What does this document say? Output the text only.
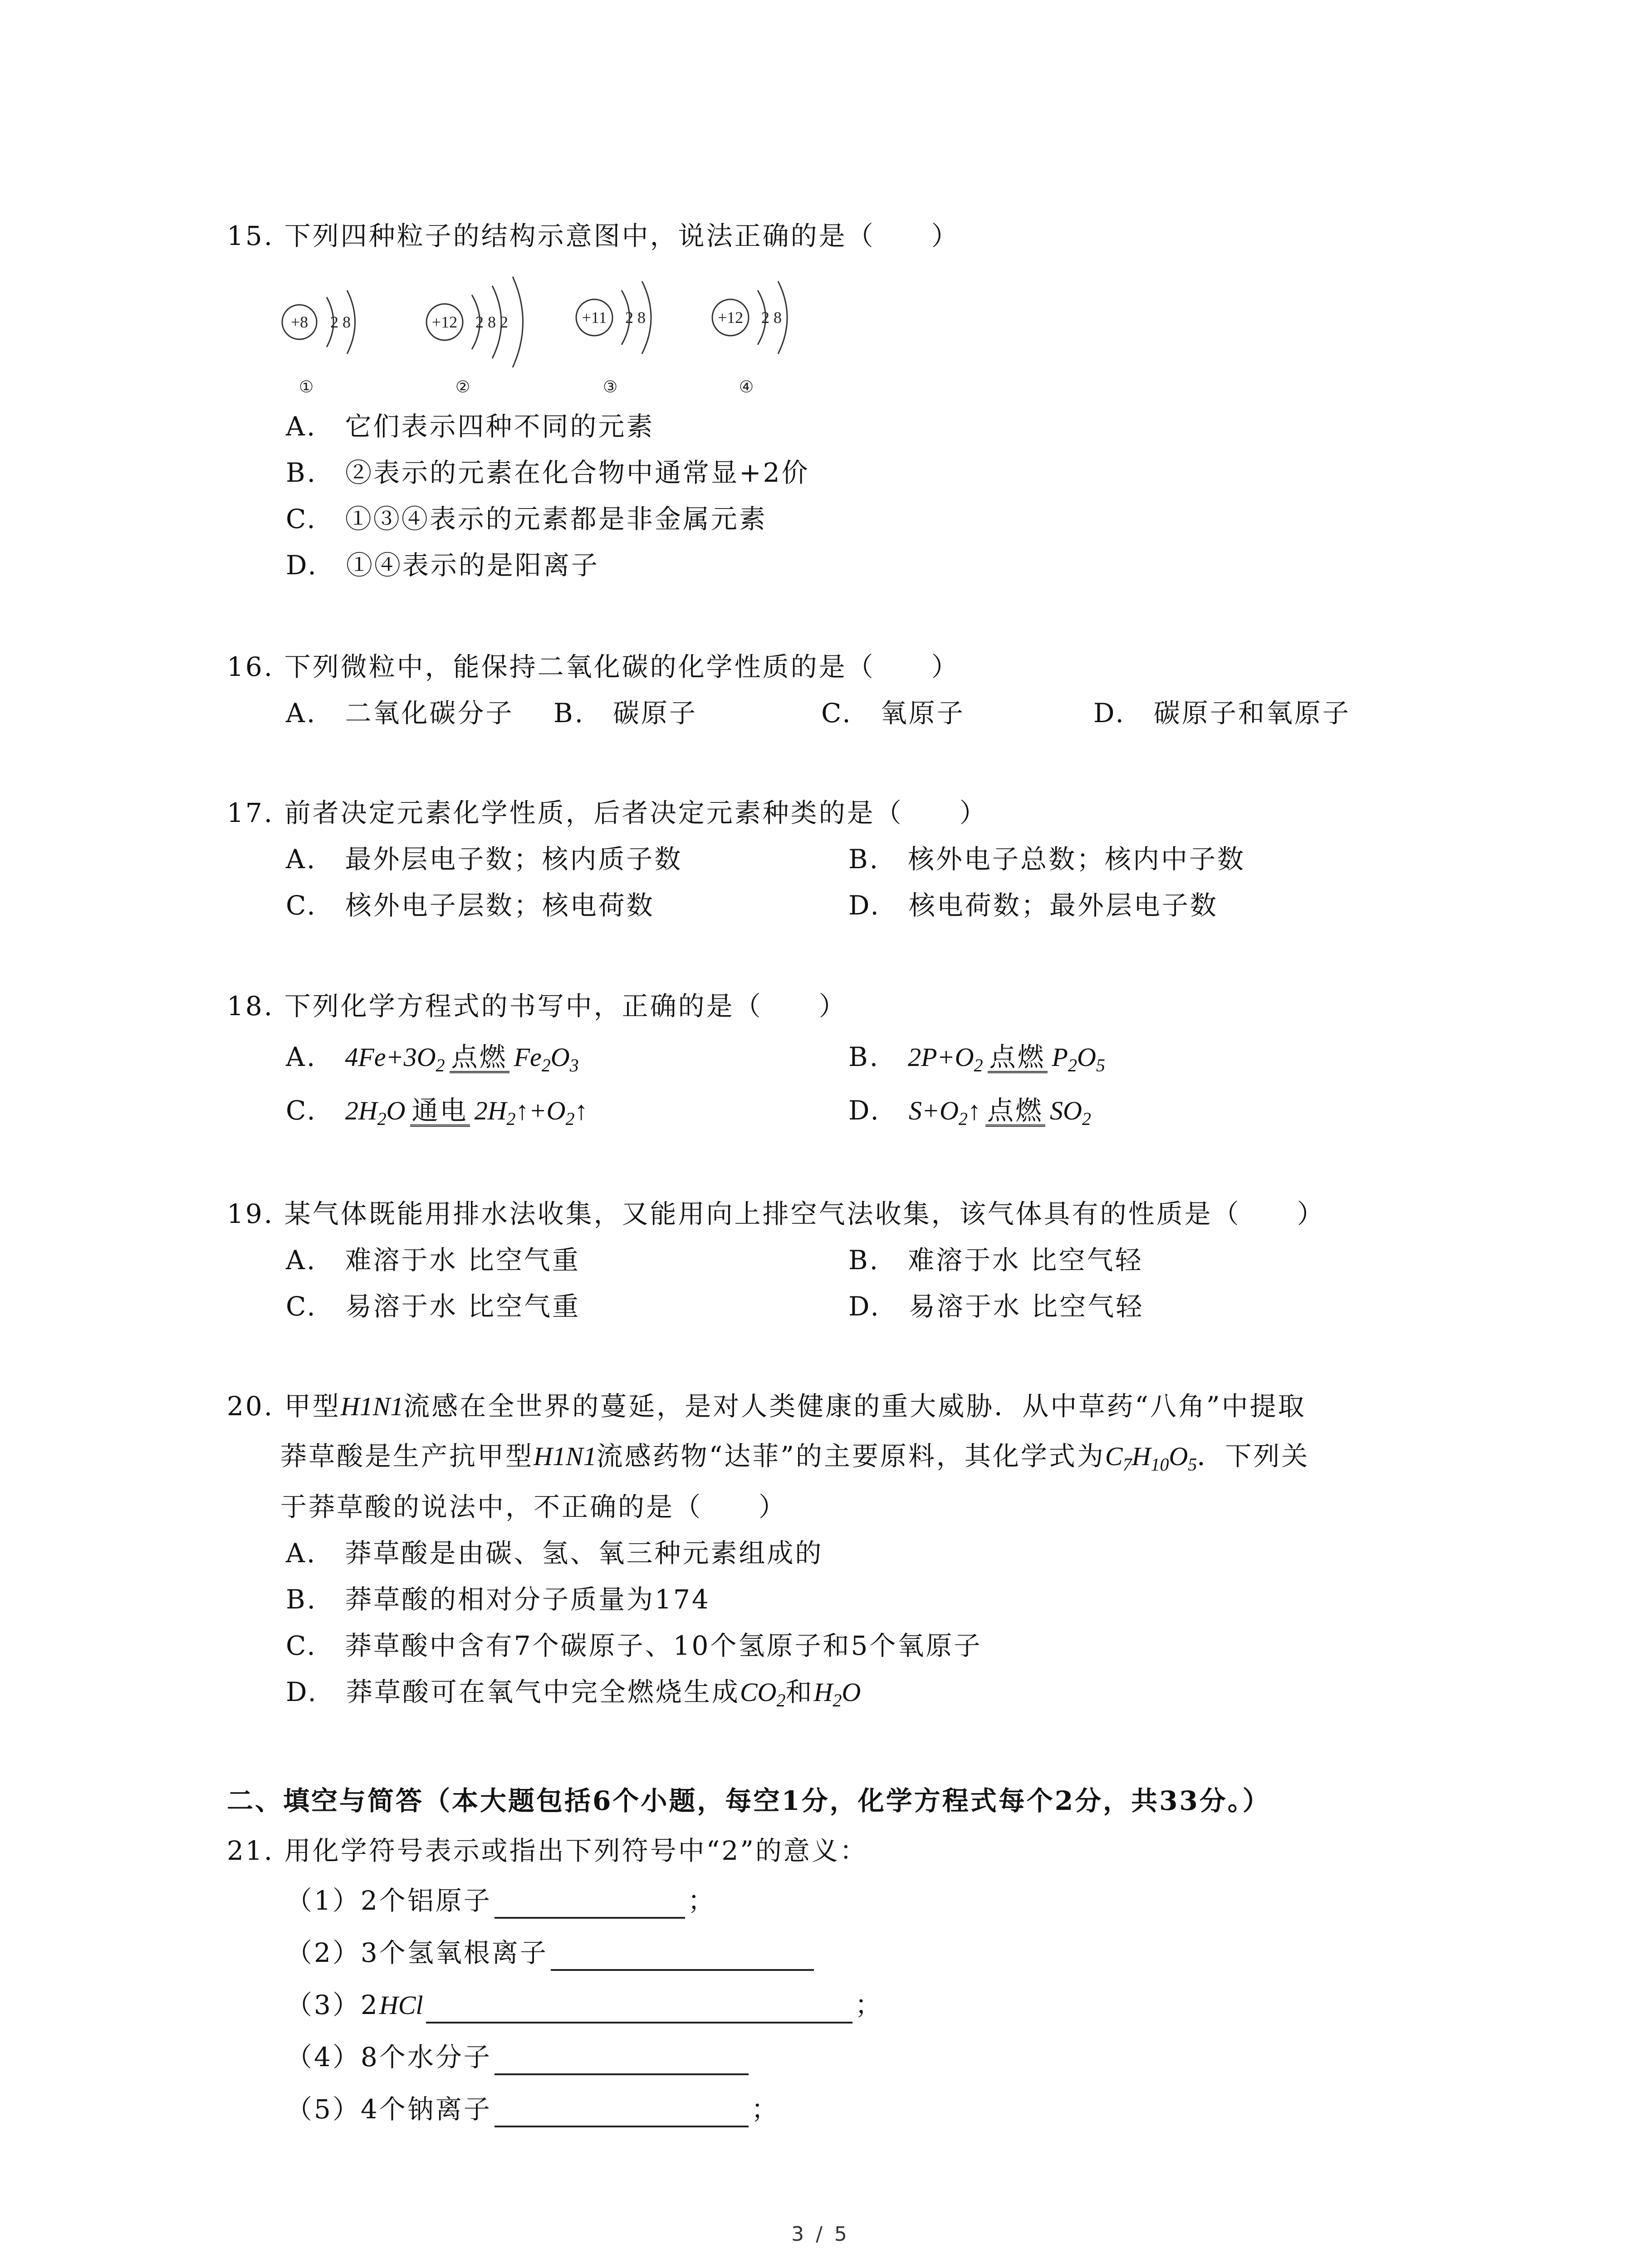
15. 下列四种粒子的结构示意图中，说法正确的是（　　）
+8 2 8
①
+12 2 8 2
②
+11 2 8
③
+12 2 8
④
A.　它们表示四种不同的元素
B.　②表示的元素在化合物中通常显+2价
C.　①③④表示的元素都是非金属元素
D.　①④表示的是阳离子
16. 下列微粒中，能保持二氧化碳的化学性质的是（　　）
A.　二氧化碳分子 B.　碳原子	C.　氧原子	D.　碳原子和氧原子
17. 前者决定元素化学性质，后者决定元素种类的是（　　）
A.　最外层电子数；核内质子数	B.　核外电子总数；核内中子数
C.　核外电子层数；核电荷数	D.　核电荷数；最外层电子数
18. 下列化学方程式的书写中，正确的是（　　）
A.　 $4Fe+3O_2$ 点燃 $Fe_2O_3$	B.　 $2P+O_2$ 点燃 $P_2O_5$
C.　 $2H_2O$ 通电 $2H_2↑+O_2↑$	D.　 $S+O_2↑$ 点燃 $SO_2$
19. 某气体既能用排水法收集，又能用向上排空气法收集，该气体具有的性质是（　　）
A.　难溶于水 比空气重	B.　难溶于水 比空气轻
C.　易溶于水 比空气重	D.　易溶于水 比空气轻
20. 甲型H1N1流感在全世界的蔓延，是对人类健康的重大威胁．从中草药“八角”中提取
莽草酸是生产抗甲型H1N1流感药物“达菲”的主要原料，其化学式为$C_7H_{10}O_5$．下列关
于莽草酸的说法中，不正确的是（　　）
A.　莽草酸是由碳、氢、氧三种元素组成的
B.　莽草酸的相对分子质量为174
C.　莽草酸中含有7个碳原子、10个氢原子和5个氧原子
D.　莽草酸可在氧气中完全燃烧生成$CO_2$和$H_2O$
二、填空与简答（本大题包括6个小题，每空1分，化学方程式每个2分，共33分。）
21. 用化学符号表示或指出下列符号中“2”的意义：
（1）2个铝原子	；
（2）3个氢氧根离子
（3）2HCl	；
（4）8个水分子
（5）4个钠离子	；
3 / 5
